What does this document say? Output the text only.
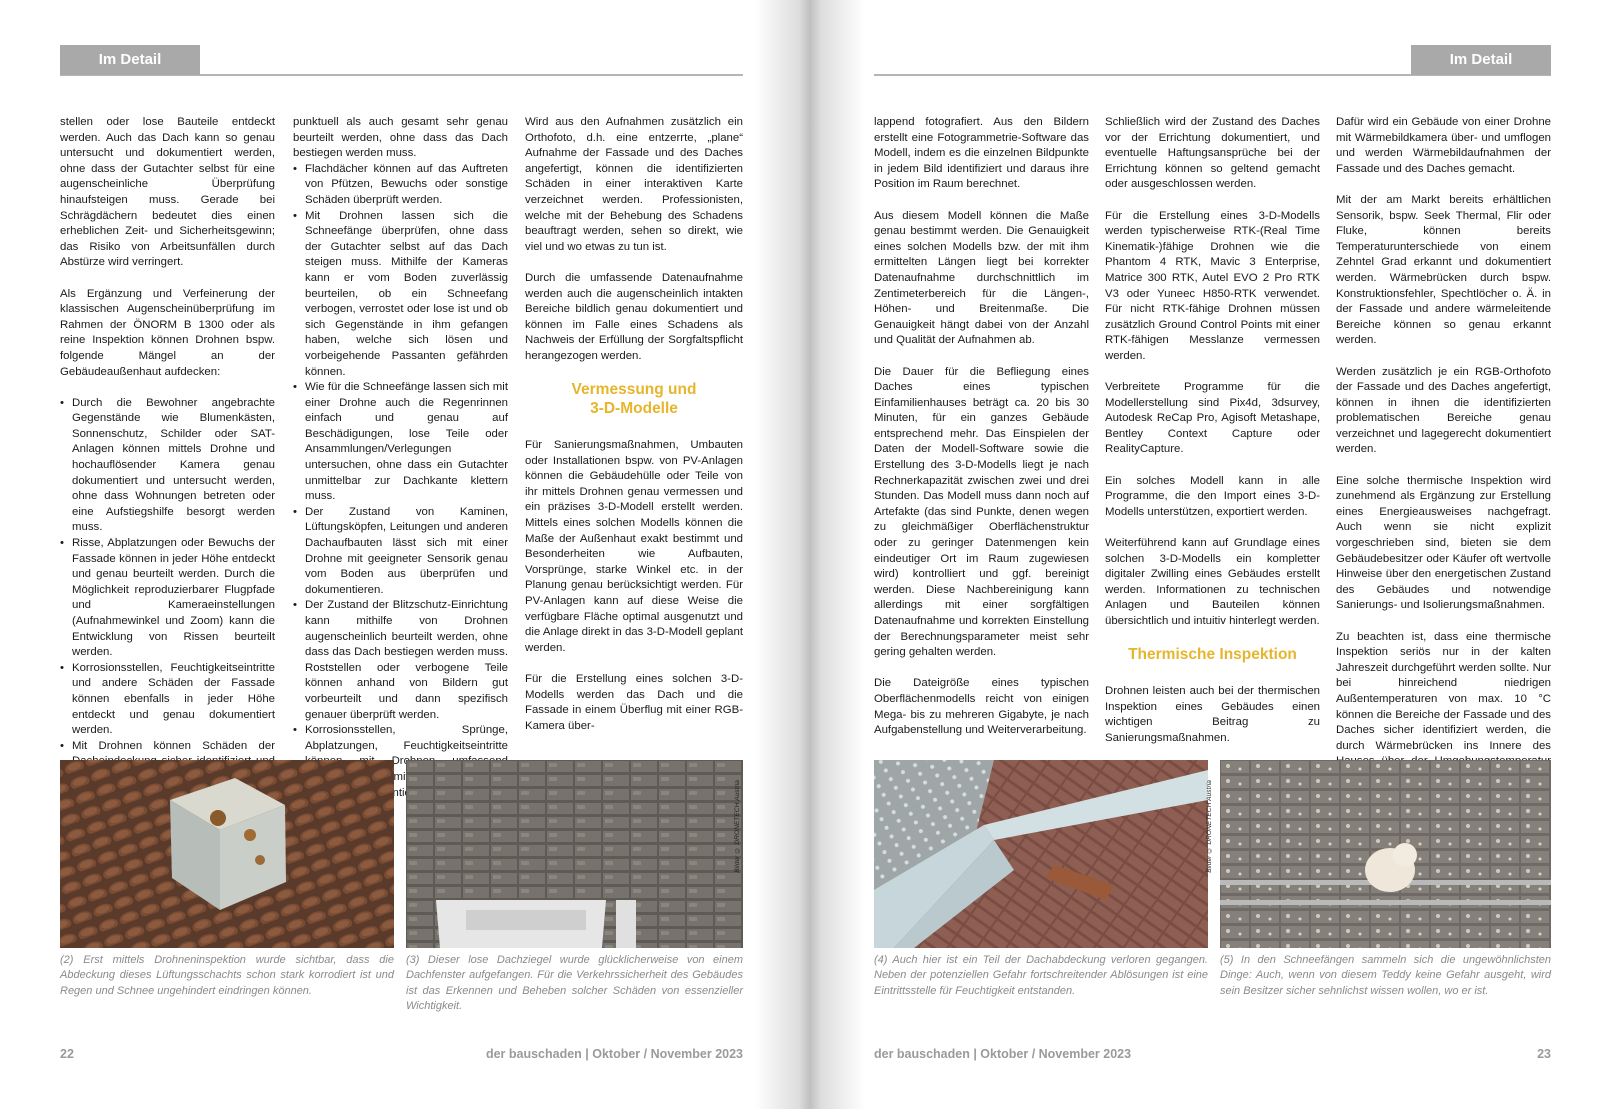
Im Detail	Im Detail

stellen oder lose Bauteile entdeckt werden. Auch das Dach kann so genau untersucht und dokumentiert werden, ohne dass der Gutachter selbst für eine augenscheinliche Überprüfung hinaufsteigen muss. Gerade bei Schrägdächern bedeutet dies einen erheblichen Zeit- und Sicherheitsgewinn; das Risiko von Arbeitsunfällen durch Abstürze wird verringert.

Als Ergänzung und Verfeinerung der klassischen Augenscheinüberprüfung im Rahmen der ÖNORM B 1300 oder als reine Inspektion können Drohnen bspw. folgende Mängel an der Gebäudeaußenhaut aufdecken:

• Durch die Bewohner angebrachte Gegenstände wie Blumenkästen, Sonnenschutz, Schilder oder SAT-Anlagen können mittels Drohne und hochauflösender Kamera genau dokumentiert und untersucht werden, ohne dass Wohnungen betreten oder eine Aufstiegshilfe besorgt werden muss.
• Risse, Abplatzungen oder Bewuchs der Fassade können in jeder Höhe entdeckt und genau beurteilt werden. Durch die Möglichkeit reproduzierbarer Flugpfade und Kameraeinstellungen (Aufnahmewinkel und Zoom) kann die Entwicklung von Rissen beurteilt werden.
• Korrosionsstellen, Feuchtigkeitseintritte und andere Schäden der Fassade können ebenfalls in jeder Höhe entdeckt und genau dokumentiert werden.
• Mit Drohnen können Schäden der

punktuell als auch gesamt sehr genau beurteilt werden, ohne dass das Dach bestiegen werden muss.

• Flachdächer können auf das Auftreten von Pfützen, Bewuchs oder sonstige Schäden überprüft werden.
• Mit Drohnen lassen sich die Schneefänge überprüfen, ohne dass der Gutachter selbst auf das Dach steigen muss. Mithilfe der Kameras kann er vom Boden zuverlässig beurteilen, ob ein Schneefang verbogen, verrostet oder lose ist und ob sich Gegenstände in ihm gefangen haben, welche sich lösen und vorbeigehende Passanten gefährden können.
• Wie für die Schneefänge lassen sich mit einer Drohne auch die Regenrinnen einfach und genau auf Beschädigungen, lose Teile oder Ansammlungen/Verlegungen untersuchen, ohne dass ein Gutachter unmittelbar zur Dachkante klettern muss.
• Der Zustand von Kaminen, Lüftungsköpfen, Leitungen und anderen Dachaufbauten lässt sich mit einer Drohne mit geeigneter Sensorik genau vom Boden aus überprüfen und dokumentieren.
• Der Zustand der Blitzschutz-Einrichtung kann mithilfe von Drohnen augenscheinlich beurteilt werden, ohne dass das Dach bestiegen werden muss. Roststellen oder verbogene Teile können anhand von Bildern gut vorbeurteilt und dann spezifisch genauer überprüft werden.
• Korrosionsstellen, Sprünge, Abplatzungen, Feuchtigkeitseintritte mit

Wird aus den Aufnahmen zusätzlich ein Orthofoto, d.h. eine entzerrte, „plane“ Aufnahme der Fassade und des Daches angefertigt, können die identifizierten Schäden in einer interaktiven Karte verzeichnet werden. Professionisten, welche mit der Behebung des Schadens beauftragt werden, sehen so direkt, wie viel und wo etwas zu tun ist.

Durch die umfassende Datenaufnahme werden auch die augenscheinlich intakten Bereiche bildlich genau dokumentiert und können im Falle eines Schadens als Nachweis der Erfüllung der Sorgfaltspflicht herangezogen werden.

Vermessung und
3-D-Modelle

Für Sanierungsmaßnahmen, Umbauten oder Installationen bspw. von PV-Anlagen können die Gebäudehülle oder Teile von ihr mittels Drohnen genau vermessen und ein präzises 3-D-Modell erstellt werden. Mittels eines solchen Modells können die Maße der Außenhaut exakt bestimmt und Besonderheiten wie Aufbauten, Vorsprünge, starke Winkel etc. in der Planung genau berücksichtigt werden. Für PV-Anlagen kann auf diese Weise die verfügbare Fläche optimal ausgenutzt und die Anlage direkt in das 3-D-Modell geplant werden.

Für die Erstellung eines solchen 3-D-Modells werden das Dach und die Fassade in einem Überflug mit einer RGB-Kamera über-

Bilder © DRONETECH Austria
(2) Erst mittels Drohneninspektion wurde sichtbar, dass die Abdeckung dieses Lüftungsschachts schon stark korrodiert ist und Regen und Schnee ungehindert eindringen können.
(3) Dieser lose Dachziegel wurde glücklicherweise von einem Dachfenster aufgefangen. Für die Verkehrssicherheit des Gebäudes ist das Erkennen und Beheben solcher Schäden von essenzieller Wichtigkeit.
22	der bauschaden | Oktober / November 2023

lappend fotografiert. Aus den Bildern erstellt eine Fotogrammetrie-Software das Modell, indem es die einzelnen Bildpunkte in jedem Bild identifiziert und daraus ihre Position im Raum berechnet.

Aus diesem Modell können die Maße genau bestimmt werden. Die Genauigkeit eines solchen Modells bzw. der mit ihm ermittelten Längen liegt bei korrekter Datenaufnahme durchschnittlich im Zentimeterbereich für die Längen-, Höhen- und Breitenmaße. Die Genauigkeit hängt dabei von der Anzahl und Qualität der Aufnahmen ab.

Die Dauer für die Befliegung eines Daches eines typischen Einfamilienhauses beträgt ca. 20 bis 30 Minuten, für ein ganzes Gebäude entsprechend mehr. Das Einspielen der Daten der Modell-Software sowie die Erstellung des 3-D-Modells liegt je nach Rechnerkapazität zwischen zwei und drei Stunden. Das Modell muss dann noch auf Artefakte (das sind Punkte, denen wegen zu gleichmäßiger Oberflächenstruktur oder zu geringer Datenmengen kein eindeutiger Ort im Raum zugewiesen wird) kontrolliert und ggf. bereinigt werden. Diese Nachbereinigung kann allerdings mit einer sorgfältigen Datenaufnahme und korrekten Einstellung der Berechnungsparameter meist sehr gering gehalten werden.

Die Dateigröße eines typischen Oberflächenmodells reicht von einigen Mega- bis zu mehreren Gigabyte, je nach Aufgabenstellung und Weiterverarbeitung.

Schließlich wird der Zustand des Daches vor der Errichtung dokumentiert, und eventuelle Haftungsansprüche bei der Errichtung können so geltend gemacht oder ausgeschlossen werden.

Für die Erstellung eines 3-D-Modells werden typischerweise RTK-(Real Time Kinematik-)fähige Drohnen wie die Phantom 4 RTK, Mavic 3 Enterprise, Matrice 300 RTK, Autel EVO 2 Pro RTK V3 oder Yuneec H850-RTK verwendet. Für nicht RTK-fähige Drohnen müssen zusätzlich Ground Control Points mit einer RTK-fähigen Messlanze vermessen werden.

Verbreitete Programme für die Modellerstellung sind Pix4d, 3dsurvey, Autodesk ReCap Pro, Agisoft Metashape, Bentley Context Capture oder RealityCapture.

Ein solches Modell kann in alle Programme, die den Import eines 3-D-Modells unterstützen, exportiert werden.

Weiterführend kann auf Grundlage eines solchen 3-D-Modells ein kompletter digitaler Zwilling eines Gebäudes erstellt werden. Informationen zu technischen Anlagen und Bauteilen können übersichtlich und intuitiv hinterlegt werden.

Thermische Inspektion

Drohnen leisten auch bei der thermischen Inspektion eines Gebäudes einen wichtigen Beitrag zu Sanierungsmaßnahmen.

Dafür wird ein Gebäude von einer Drohne mit Wärmebildkamera über- und umflogen und werden Wärmebildaufnahmen der Fassade und des Daches gemacht.

Mit der am Markt bereits erhältlichen Sensorik, bspw. Seek Thermal, Flir oder Fluke, können bereits Temperaturunterschiede von einem Zehntel Grad erkannt und dokumentiert werden. Wärmebrücken durch bspw. Konstruktionsfehler, Spechtlöcher o. Ä. in der Fassade und andere wärmeleitende Bereiche können so genau erkannt werden.

Werden zusätzlich je ein RGB-Orthofoto der Fassade und des Daches angefertigt, können in ihnen die identifizierten problematischen Bereiche genau verzeichnet und lagegerecht dokumentiert werden.

Eine solche thermische Inspektion wird zunehmend als Ergänzung zur Erstellung eines Energieausweises nachgefragt. Auch wenn sie nicht explizit vorgeschrieben sind, bieten sie dem Gebäudebesitzer oder Käufer oft wertvolle Hinweise über den energetischen Zustand des Gebäudes und notwendige Sanierungs- und Isolierungsmaßnahmen.

Zu beachten ist, dass eine thermische Inspektion seriös nur in der kalten Jahreszeit durchgeführt werden sollte. Nur bei hinreichend niedrigen Außentemperaturen von max. 10 °C können die Bereiche der Fassade und des Daches sicher identifiziert werden, die durch Wärmebrücken ins Innere des

Bilder © DRONETECH Austria
(4) Auch hier ist ein Teil der Dachabdeckung verloren gegangen. Neben der potenziellen Gefahr fortschreitender Ablösungen ist eine Eintrittsstelle für Feuchtigkeit entstanden.
(5) In den Schneefängen sammeln sich die ungewöhnlichsten Dinge: Auch, wenn von diesem Teddy keine Gefahr ausgeht, wird sein Besitzer sicher sehnlichst wissen wollen, wo er ist.
der bauschaden | Oktober / November 2023	23
